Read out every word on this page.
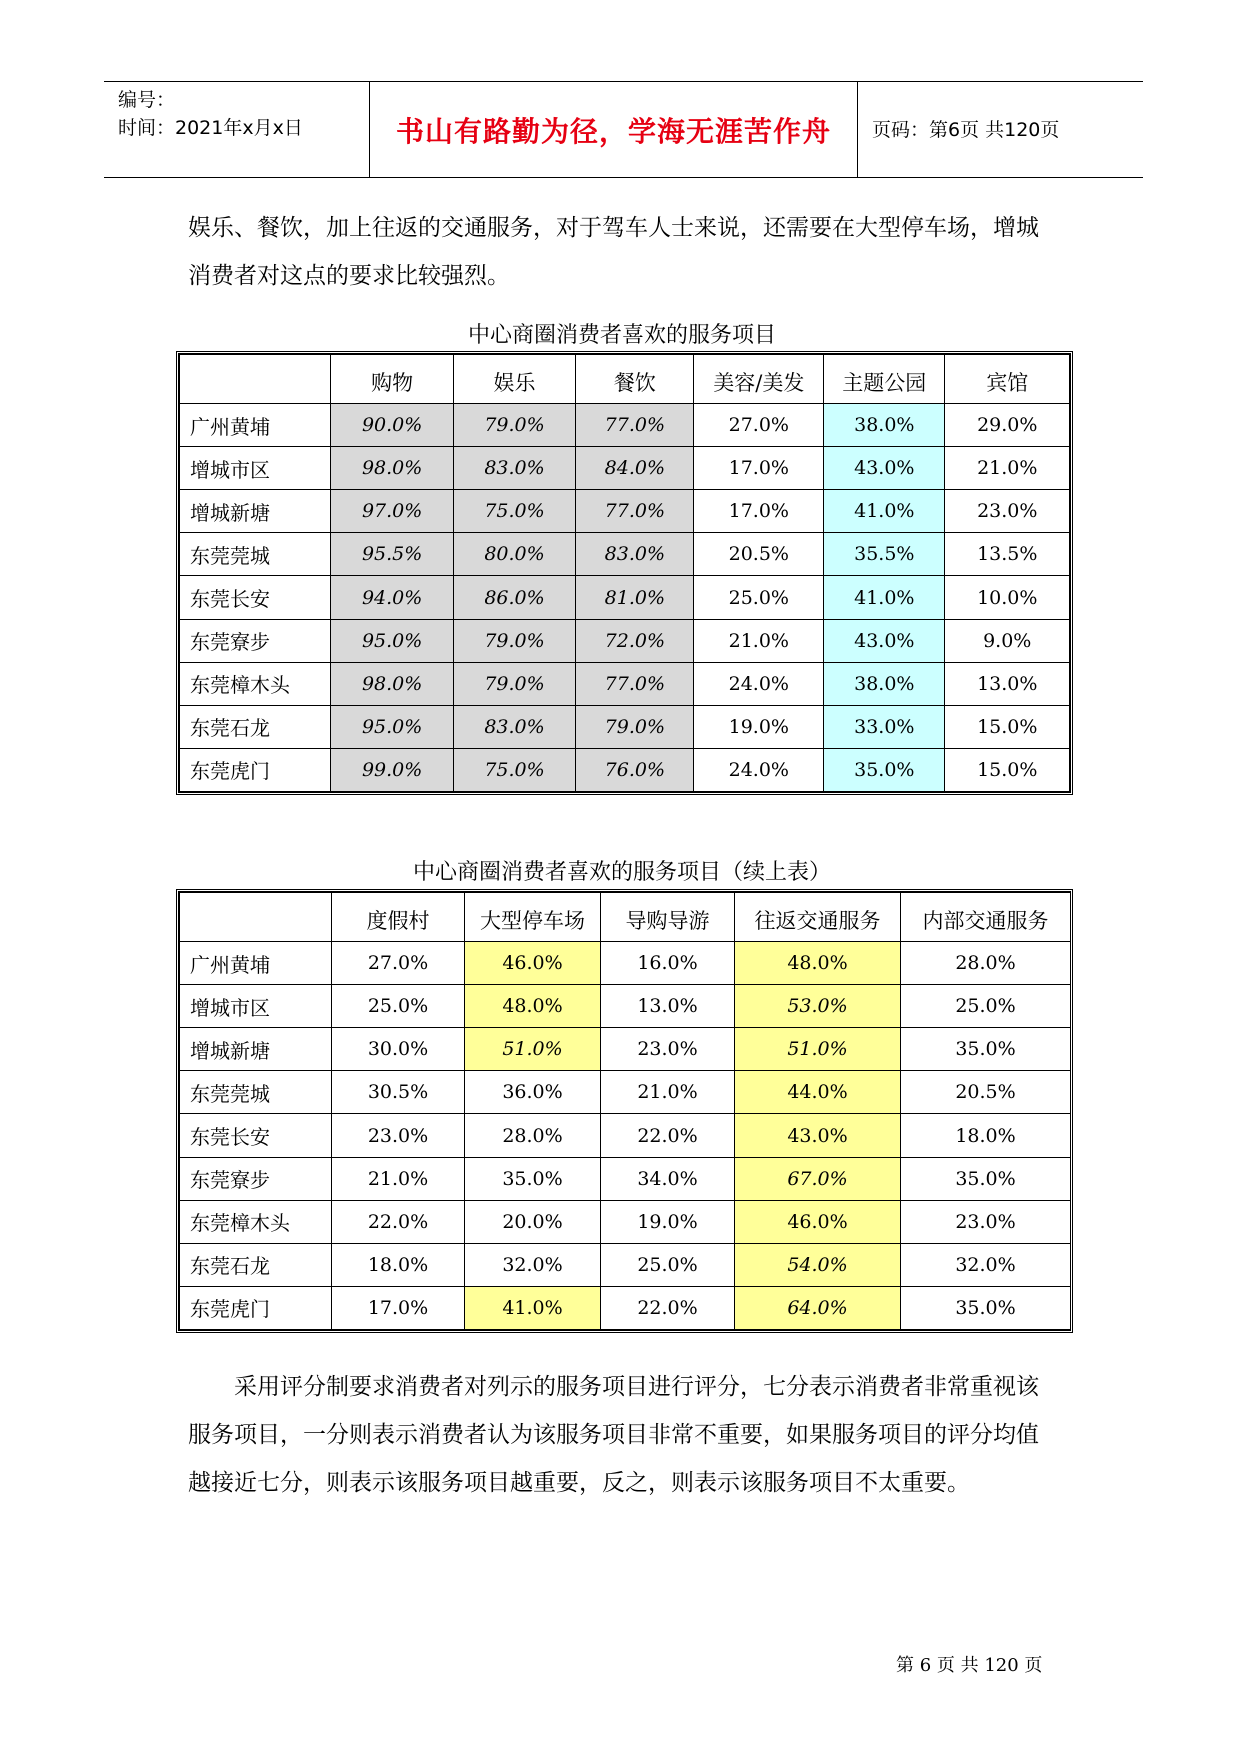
编号：
时间：2021年x月x日	书山有路勤为径，学海无涯苦作舟	页码：第6页 共120页

娱乐、餐饮，加上往返的交通服务，对于驾车人士来说，还需要在大型停车场，增城消费者对这点的要求比较强烈。

中心商圈消费者喜欢的服务项目
	购物	娱乐	餐饮	美容/美发	主题公园	宾馆
广州黄埔	90.0%	79.0%	77.0%	27.0%	38.0%	29.0%
增城市区	98.0%	83.0%	84.0%	17.0%	43.0%	21.0%
增城新塘	97.0%	75.0%	77.0%	17.0%	41.0%	23.0%
东莞莞城	95.5%	80.0%	83.0%	20.5%	35.5%	13.5%
东莞长安	94.0%	86.0%	81.0%	25.0%	41.0%	10.0%
东莞寮步	95.0%	79.0%	72.0%	21.0%	43.0%	9.0%
东莞樟木头	98.0%	79.0%	77.0%	24.0%	38.0%	13.0%
东莞石龙	95.0%	83.0%	79.0%	19.0%	33.0%	15.0%
东莞虎门	99.0%	75.0%	76.0%	24.0%	35.0%	15.0%
中心商圈消费者喜欢的服务项目（续上表）
	度假村	大型停车场	导购导游	往返交通服务	内部交通服务
广州黄埔	27.0%	46.0%	16.0%	48.0%	28.0%
增城市区	25.0%	48.0%	13.0%	53.0%	25.0%
增城新塘	30.0%	51.0%	23.0%	51.0%	35.0%
东莞莞城	30.5%	36.0%	21.0%	44.0%	20.5%
东莞长安	23.0%	28.0%	22.0%	43.0%	18.0%
东莞寮步	21.0%	35.0%	34.0%	67.0%	35.0%
东莞樟木头	22.0%	20.0%	19.0%	46.0%	23.0%
东莞石龙	18.0%	32.0%	25.0%	54.0%	32.0%
东莞虎门	17.0%	41.0%	22.0%	64.0%	35.0%

采用评分制要求消费者对列示的服务项目进行评分，七分表示消费者非常重视该服务项目，一分则表示消费者认为该服务项目非常不重要，如果服务项目的评分均值越接近七分，则表示该服务项目越重要，反之，则表示该服务项目不太重要。

第 6 页 共 120 页
